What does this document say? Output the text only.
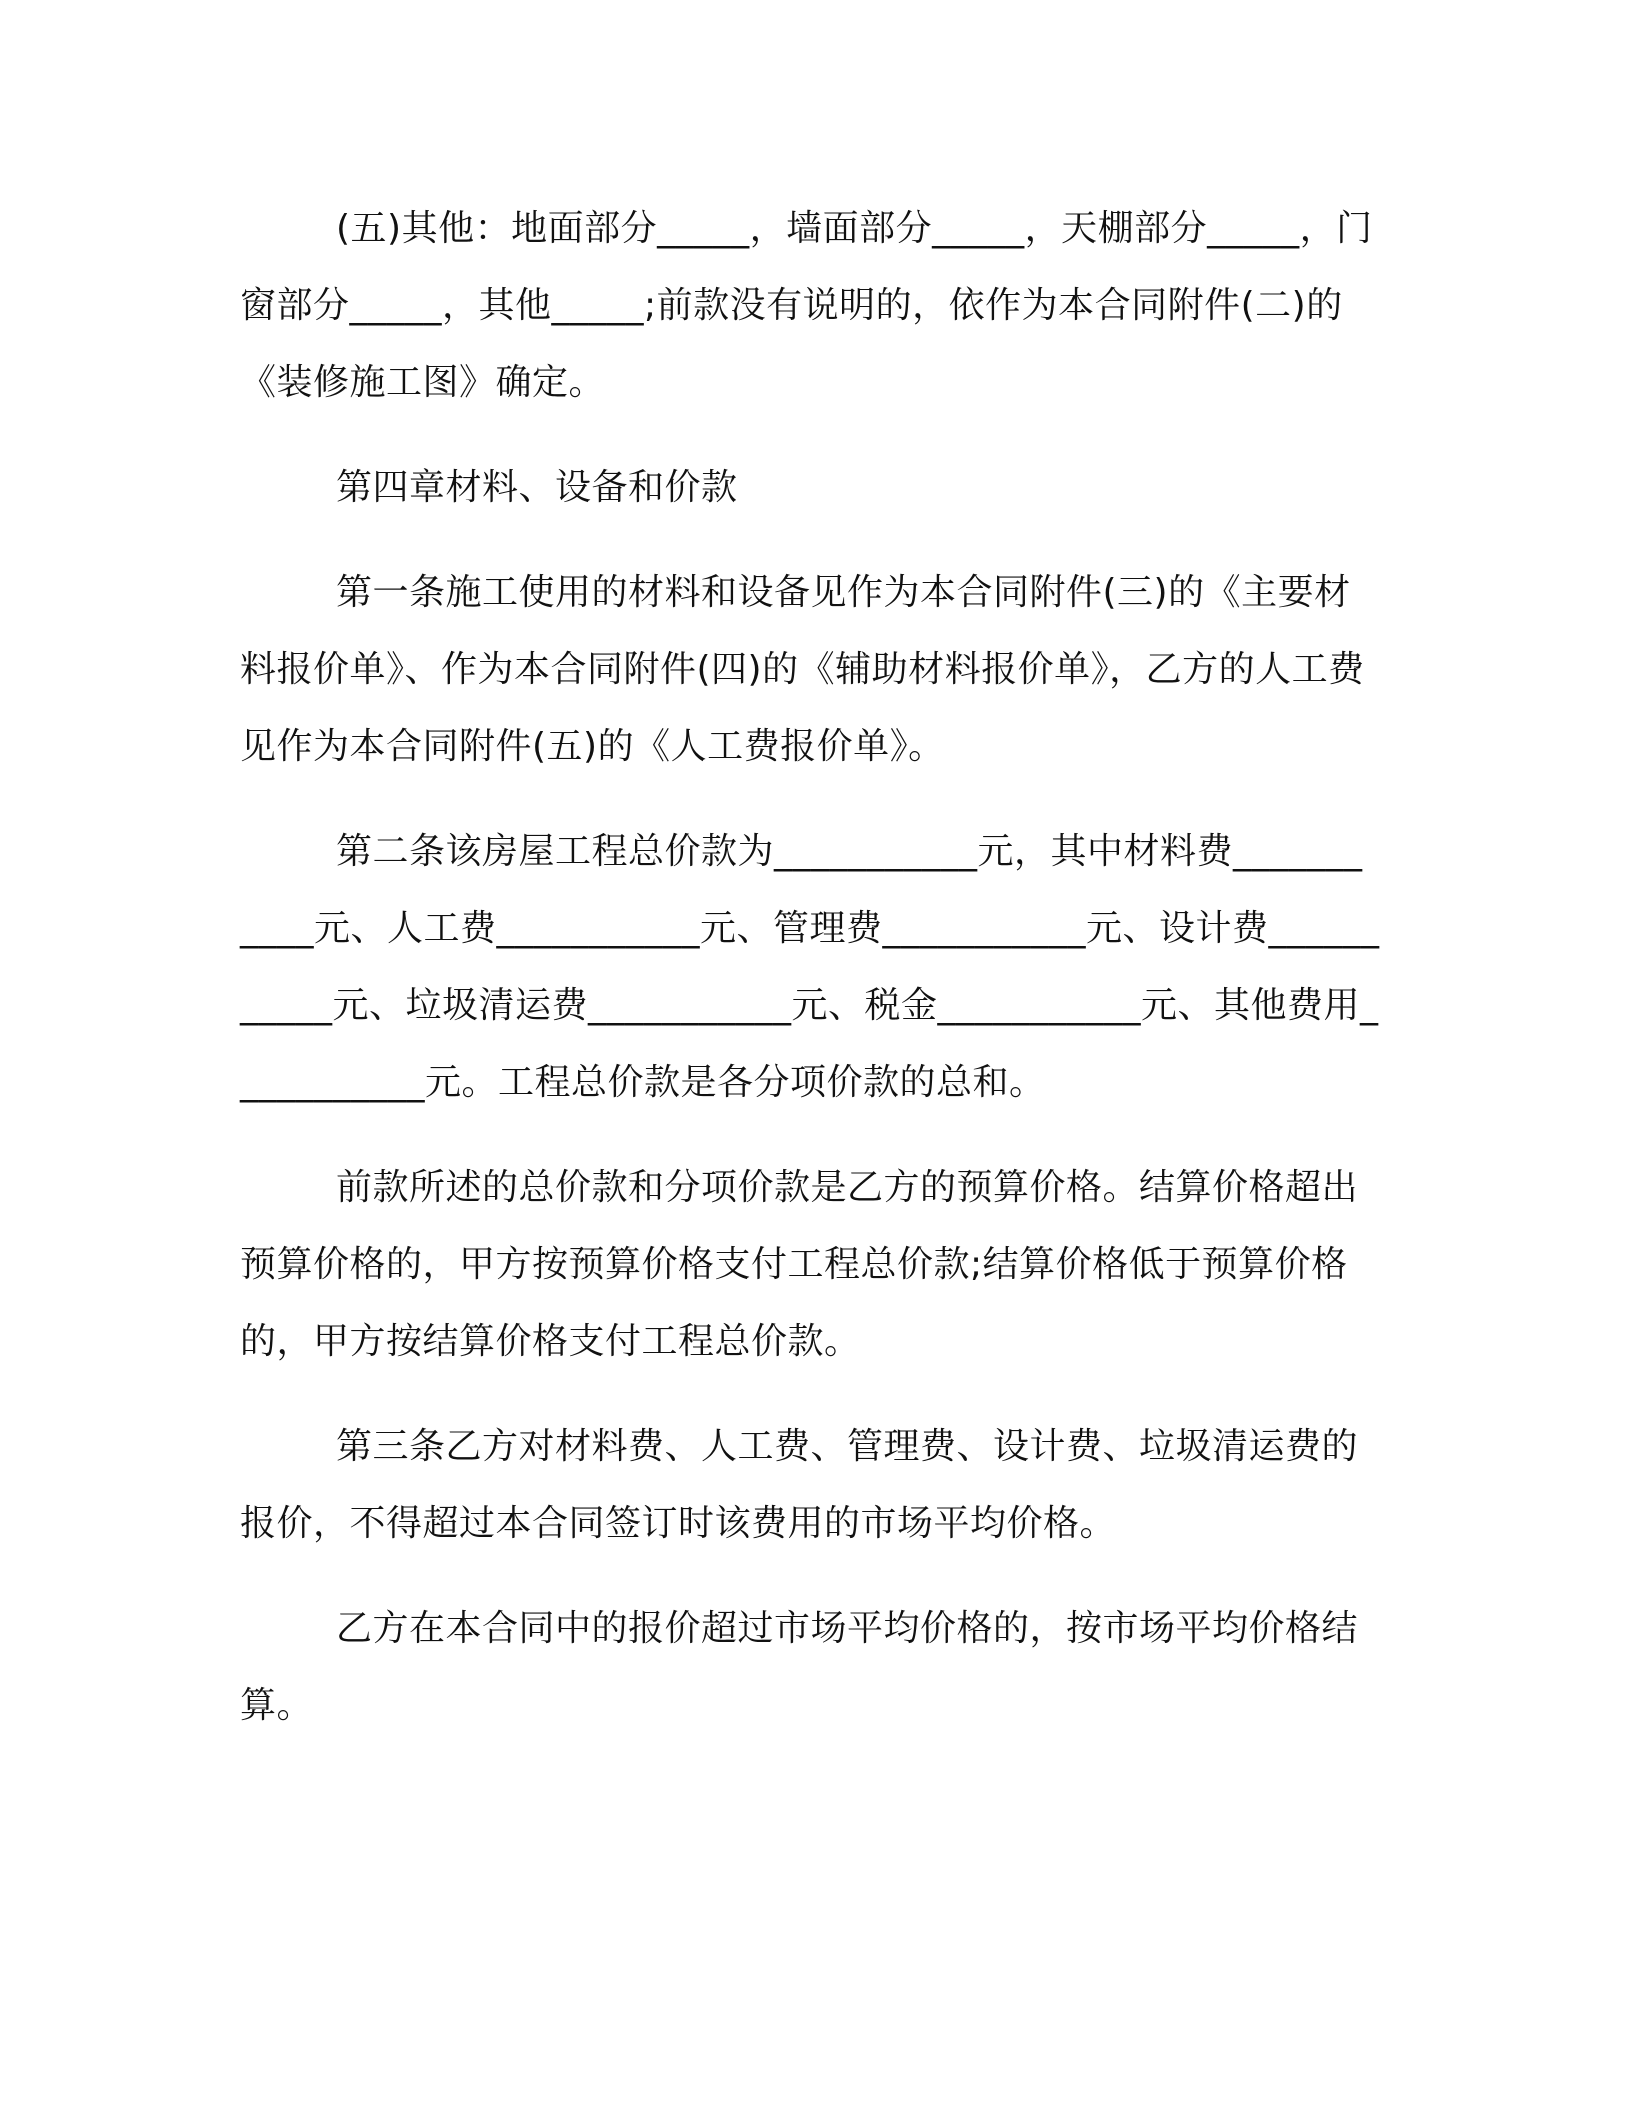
(五)其他：地面部分_____，墙面部分_____，天棚部分_____，门窗部分_____，其他_____;前款没有说明的，依作为本合同附件(二)的《装修施工图》确定。

第四章材料、设备和价款

第一条施工使用的材料和设备见作为本合同附件(三)的《主要材料报价单》、作为本合同附件(四)的《辅助材料报价单》，乙方的人工费见作为本合同附件(五)的《人工费报价单》。

第二条该房屋工程总价款为___________元，其中材料费___________元、人工费___________元、管理费___________元、设计费___________元、垃圾清运费___________元、税金___________元、其他费用___________元。工程总价款是各分项价款的总和。

前款所述的总价款和分项价款是乙方的预算价格。结算价格超出预算价格的，甲方按预算价格支付工程总价款;结算价格低于预算价格的，甲方按结算价格支付工程总价款。

第三条乙方对材料费、人工费、管理费、设计费、垃圾清运费的报价，不得超过本合同签订时该费用的市场平均价格。

乙方在本合同中的报价超过市场平均价格的，按市场平均价格结算。
